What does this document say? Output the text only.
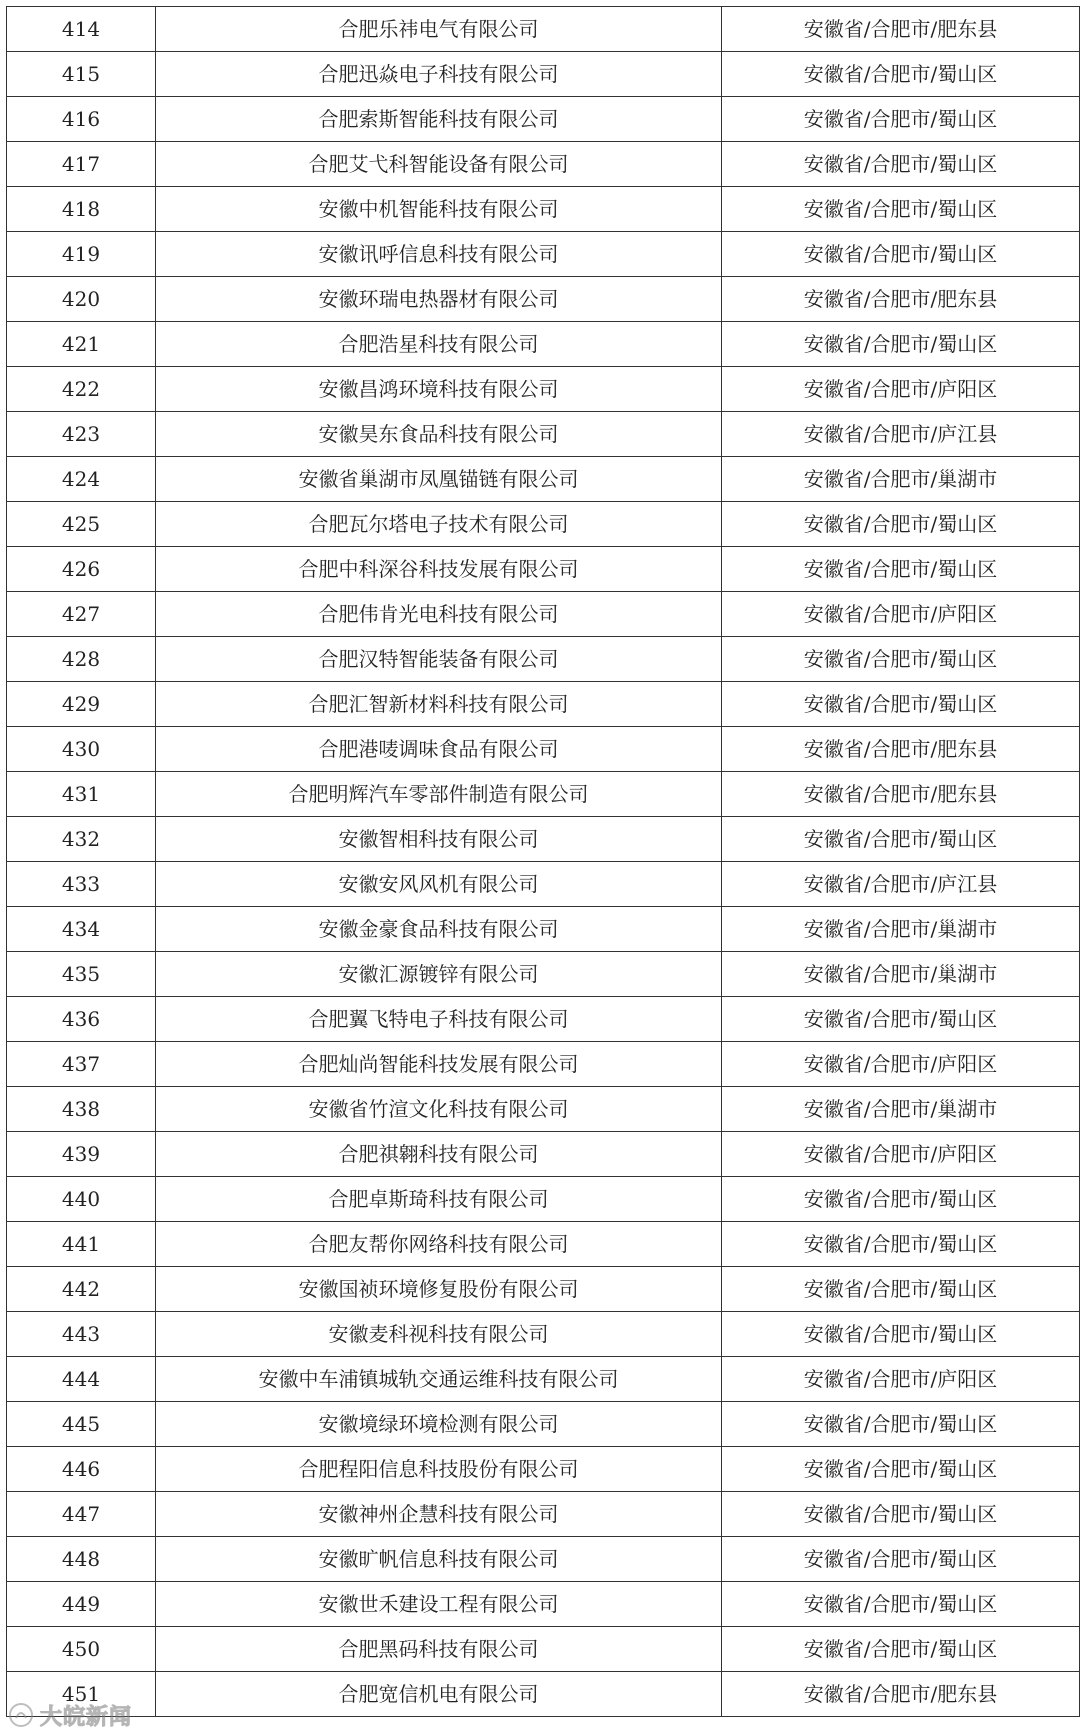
414	合肥乐祎电气有限公司	安徽省/合肥市/肥东县
415	合肥迅焱电子科技有限公司	安徽省/合肥市/蜀山区
416	合肥索斯智能科技有限公司	安徽省/合肥市/蜀山区
417	合肥艾弋科智能设备有限公司	安徽省/合肥市/蜀山区
418	安徽中机智能科技有限公司	安徽省/合肥市/蜀山区
419	安徽讯呼信息科技有限公司	安徽省/合肥市/蜀山区
420	安徽环瑞电热器材有限公司	安徽省/合肥市/肥东县
421	合肥浩星科技有限公司	安徽省/合肥市/蜀山区
422	安徽昌鸿环境科技有限公司	安徽省/合肥市/庐阳区
423	安徽昊东食品科技有限公司	安徽省/合肥市/庐江县
424	安徽省巢湖市凤凰锚链有限公司	安徽省/合肥市/巢湖市
425	合肥瓦尔塔电子技术有限公司	安徽省/合肥市/蜀山区
426	合肥中科深谷科技发展有限公司	安徽省/合肥市/蜀山区
427	合肥伟肯光电科技有限公司	安徽省/合肥市/庐阳区
428	合肥汉特智能装备有限公司	安徽省/合肥市/蜀山区
429	合肥汇智新材料科技有限公司	安徽省/合肥市/蜀山区
430	合肥港唛调味食品有限公司	安徽省/合肥市/肥东县
431	合肥明辉汽车零部件制造有限公司	安徽省/合肥市/肥东县
432	安徽智相科技有限公司	安徽省/合肥市/蜀山区
433	安徽安风风机有限公司	安徽省/合肥市/庐江县
434	安徽金豪食品科技有限公司	安徽省/合肥市/巢湖市
435	安徽汇源镀锌有限公司	安徽省/合肥市/巢湖市
436	合肥翼飞特电子科技有限公司	安徽省/合肥市/蜀山区
437	合肥灿尚智能科技发展有限公司	安徽省/合肥市/庐阳区
438	安徽省竹渲文化科技有限公司	安徽省/合肥市/巢湖市
439	合肥祺翱科技有限公司	安徽省/合肥市/庐阳区
440	合肥卓斯琦科技有限公司	安徽省/合肥市/蜀山区
441	合肥友帮你网络科技有限公司	安徽省/合肥市/蜀山区
442	安徽国祯环境修复股份有限公司	安徽省/合肥市/蜀山区
443	安徽麦科视科技有限公司	安徽省/合肥市/蜀山区
444	安徽中车浦镇城轨交通运维科技有限公司	安徽省/合肥市/庐阳区
445	安徽境绿环境检测有限公司	安徽省/合肥市/蜀山区
446	合肥程阳信息科技股份有限公司	安徽省/合肥市/蜀山区
447	安徽神州企慧科技有限公司	安徽省/合肥市/蜀山区
448	安徽旷帆信息科技有限公司	安徽省/合肥市/蜀山区
449	安徽世禾建设工程有限公司	安徽省/合肥市/蜀山区
450	合肥黑码科技有限公司	安徽省/合肥市/蜀山区
451	合肥宽信机电有限公司	安徽省/合肥市/肥东县
大皖新闻
